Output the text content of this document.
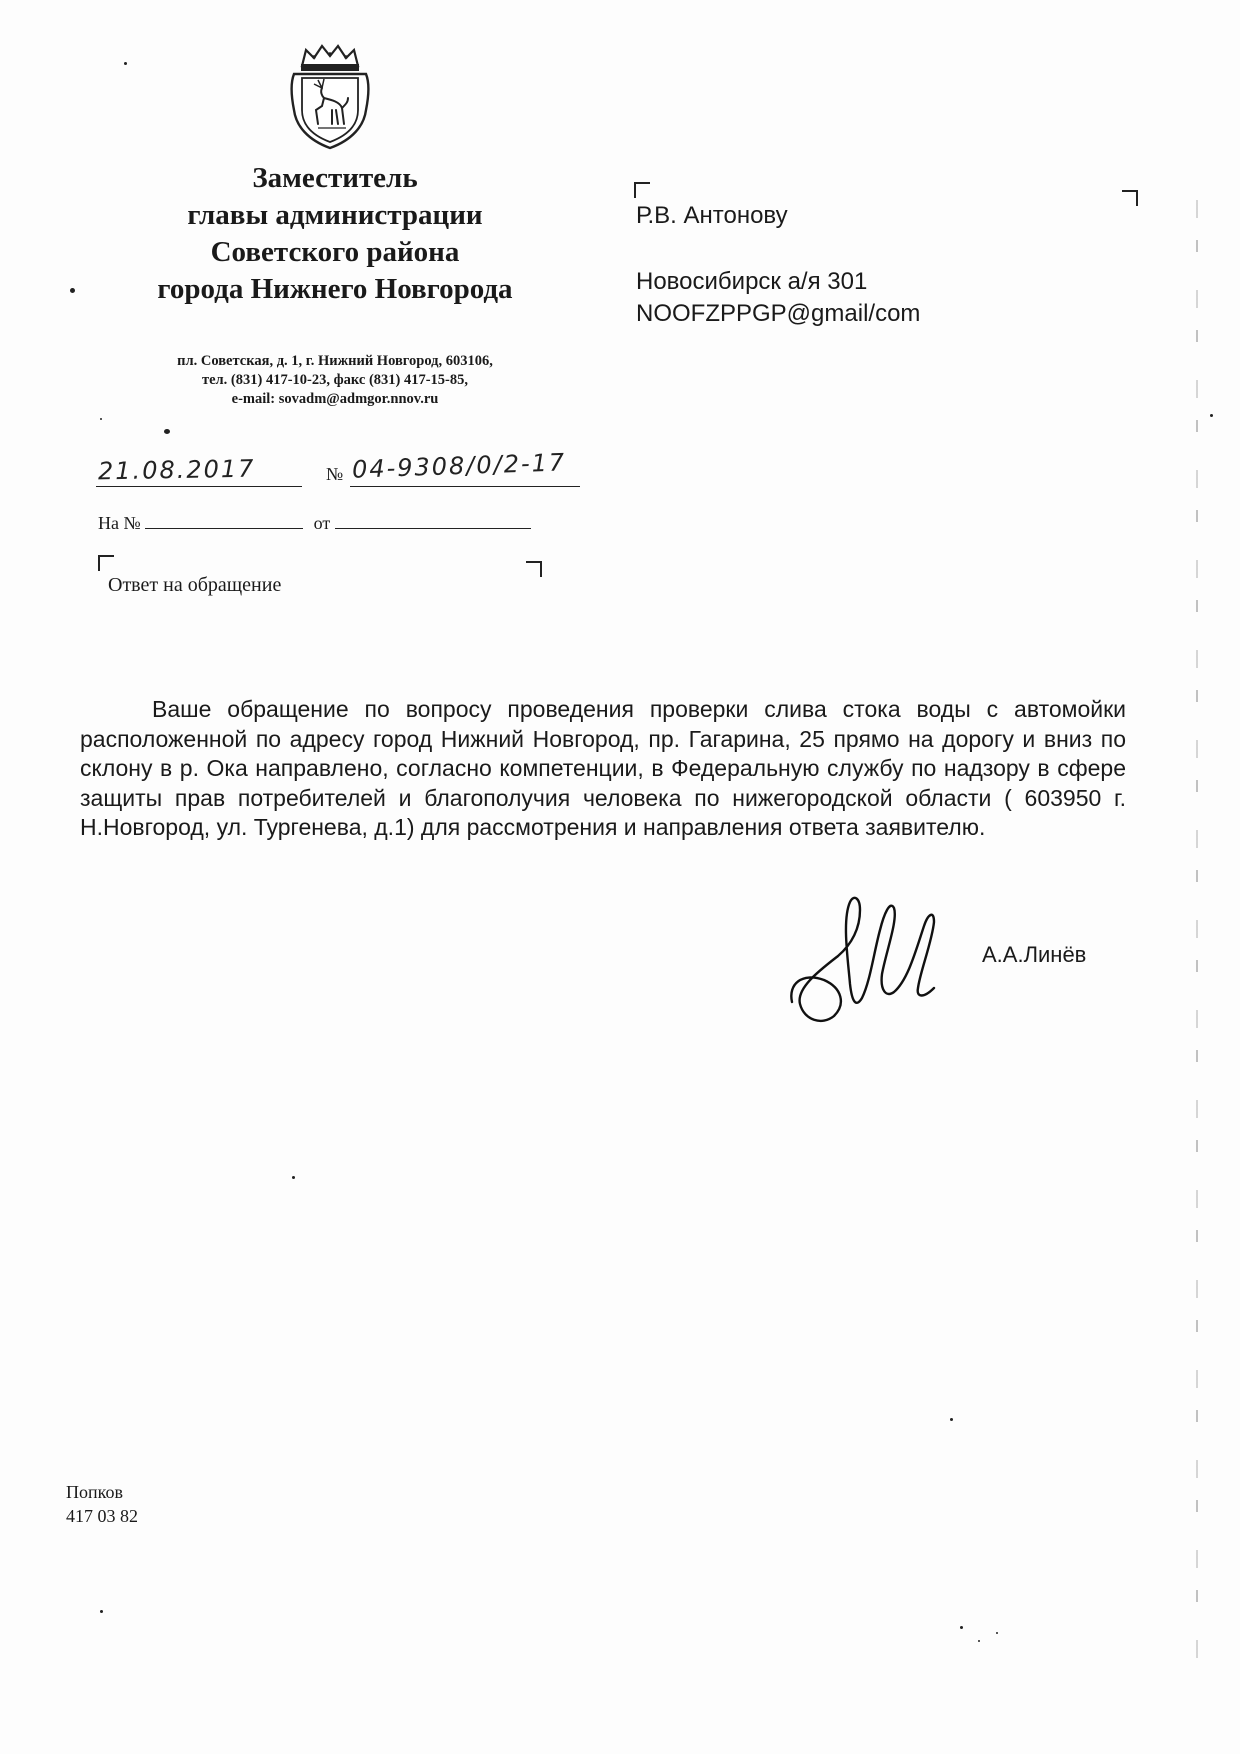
Заместитель
главы администрации
Советского района
города Нижнего Новгорода
пл. Советская, д. 1, г. Нижний Новгород, 603106,
тел. (831) 417-10-23, факс (831) 417-15-85,
e-mail: sovadm@admgor.nnov.ru
21.08.2017	№ 04-9308/0/2-17
На №	от
Ответ на обращение
Р.В. Антонову
Новосибирск а/я 301
NOOFZPPGP@gmail/com
Ваше обращение по вопросу проведения проверки слива стока воды с автомойки расположенной по адресу город Нижний Новгород, пр. Гагарина, 25 прямо на дорогу и вниз по склону в р. Ока направлено, согласно компетенции, в Федеральную службу по надзору в сфере защиты прав потребителей и благополучия человека по нижегородской области ( 603950 г. Н.Новгород, ул. Тургенева, д.1) для рассмотрения и направления ответа заявителю.
А.А.Линёв
Попков
417 03 82
